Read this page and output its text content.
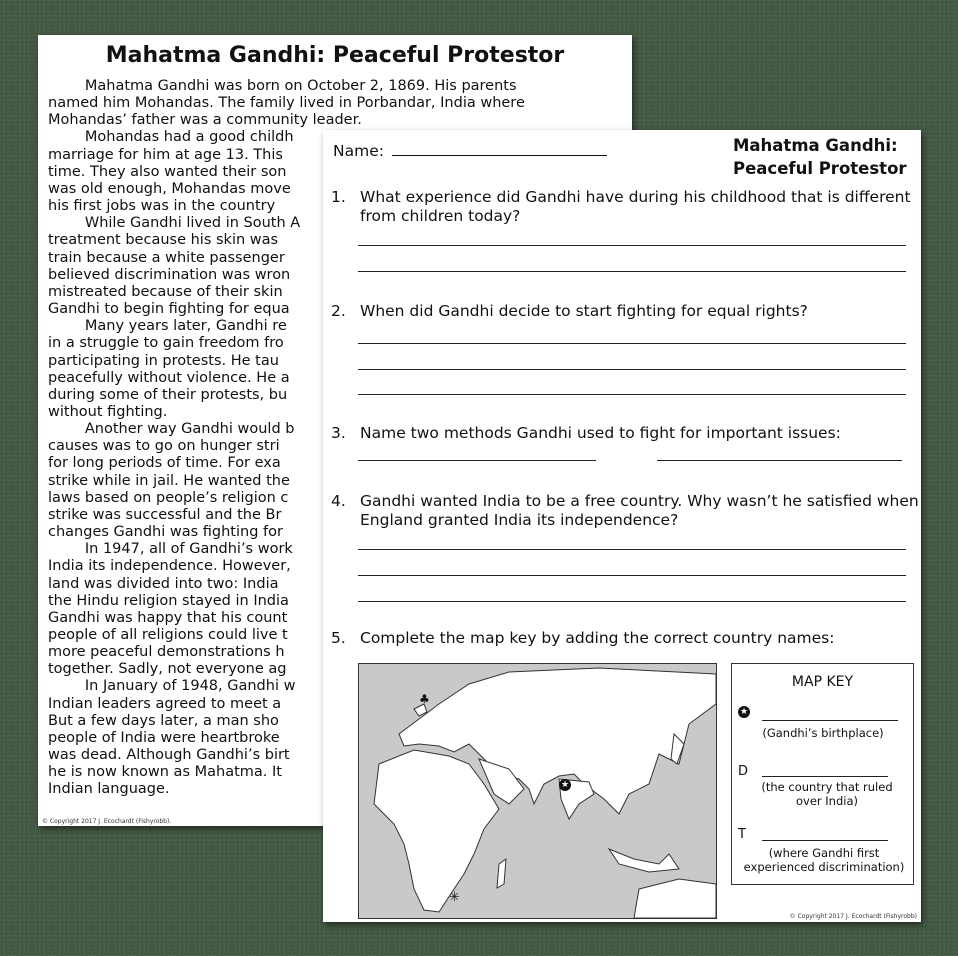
Mahatma Gandhi: Peaceful Protestor
Mahatma Gandhi was born on October 2, 1869. His parents
named him Mohandas. The family lived in Porbandar, India where
Mohandas’ father was a community leader.
Mohandas had a good childh
marriage for him at age 13. This
time. They also wanted their son
was old enough, Mohandas move
his first jobs was in the country
While Gandhi lived in South A
treatment because his skin was
train because a white passenger
believed discrimination was wron
mistreated because of their skin
Gandhi to begin fighting for equa
Many years later, Gandhi re
in a struggle to gain freedom fro
participating in protests. He tau
peacefully without violence. He a
during some of their protests, bu
without fighting.
Another way Gandhi would b
causes was to go on hunger stri
for long periods of time. For exa
strike while in jail. He wanted the
laws based on people’s religion c
strike was successful and the Br
changes Gandhi was fighting for
In 1947, all of Gandhi’s work
India its independence. However,
land was divided into two: India
the Hindu religion stayed in India
Gandhi was happy that his count
people of all religions could live t
more peaceful demonstrations h
together. Sadly, not everyone ag
In January of 1948, Gandhi w
Indian leaders agreed to meet a
But a few days later, a man sho
people of India were heartbroke
was dead. Although Gandhi’s birt
he is now known as Mahatma. It
Indian language.
© Copyright 2017 J. Ecochardt (Fishyrobb).
Name:	Mahatma Gandhi:
Peaceful Protestor
1. What experience did Gandhi have during his childhood that is different from children today?
2. When did Gandhi decide to start fighting for equal rights?
3. Name two methods Gandhi used to fight for important issues:
4. Gandhi wanted India to be a free country. Why wasn’t he satisfied when England granted India its independence?
5. Complete the map key by adding the correct country names:
♣
★
✳
MAP KEY
★
(Gandhi’s birthplace)
D
(the country that ruled over India)
T
(where Gandhi first experienced discrimination)
© Copyright 2017 J. Ecochardt (Fishyrobb)
